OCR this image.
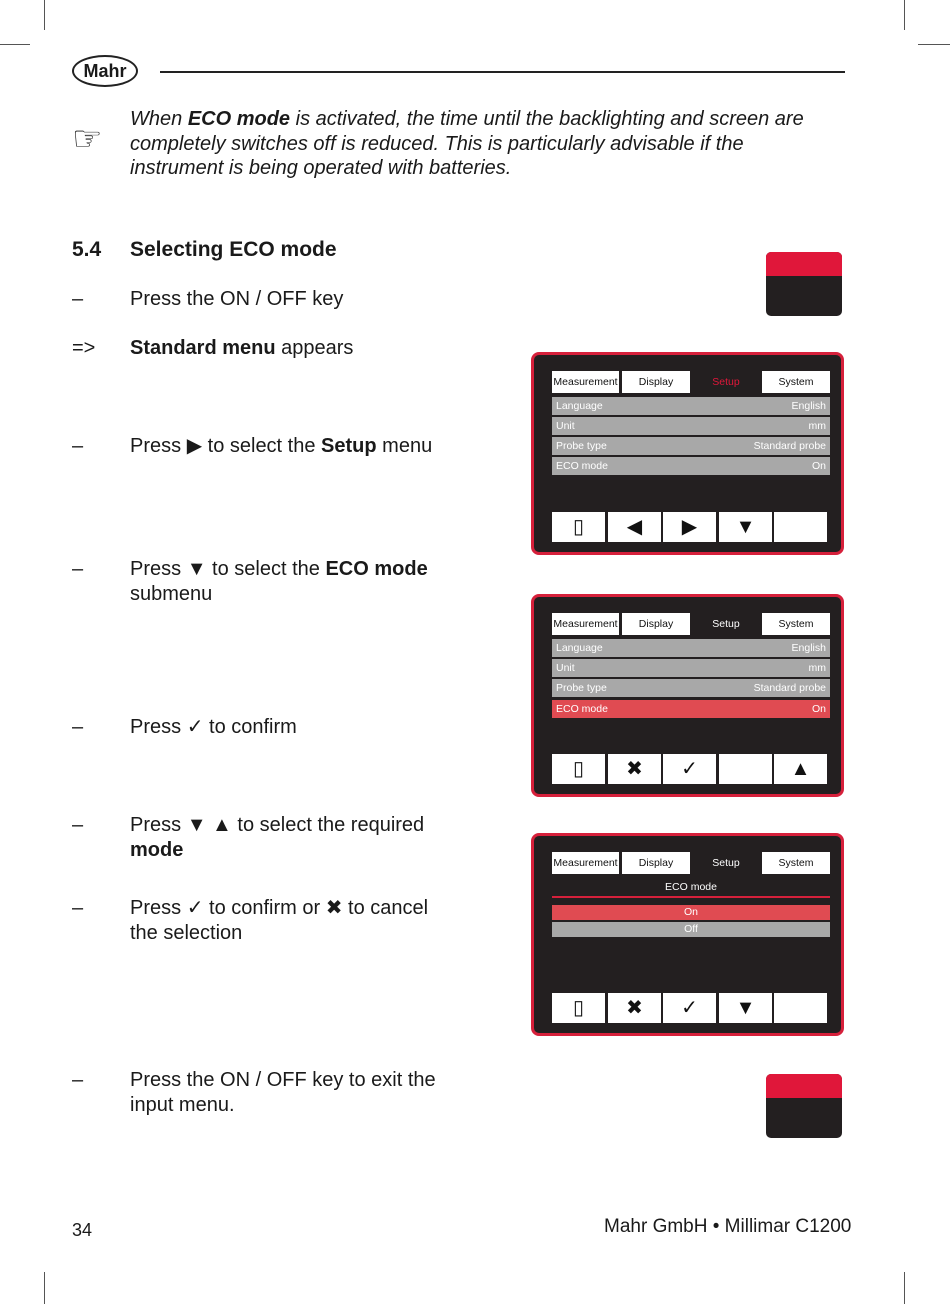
Mahr
☞
When ECO mode is activated, the time until the backlighting and screen are completely switches off is reduced. This is particularly advisable if the instrument is being operated with batteries.
5.4 Selecting ECO mode
– Press the ON / OFF key
=> Standard menu appears
– Press ▶ to select the Setup menu
– Press ▼ to select the ECO mode
submenu
– Press ✓ to confirm
– Press ▼ ▲ to select the required
mode
– Press ✓ to confirm or ✖ to cancel
the selection
– Press the ON / OFF key to exit the
input menu.
Measurement	Display	Setup	System
Language	English
Unit	mm
Probe type	Standard probe
ECO mode	On
▯	◀	▶	▼
Measurement	Display	Setup	System
Language	English
Unit	mm
Probe type	Standard probe
ECO mode	On
▯	✖	✓	▲
Measurement	Display	Setup	System
ECO mode
On
Off
▯	✖	✓	▼
34	Mahr GmbH • Millimar C1200
